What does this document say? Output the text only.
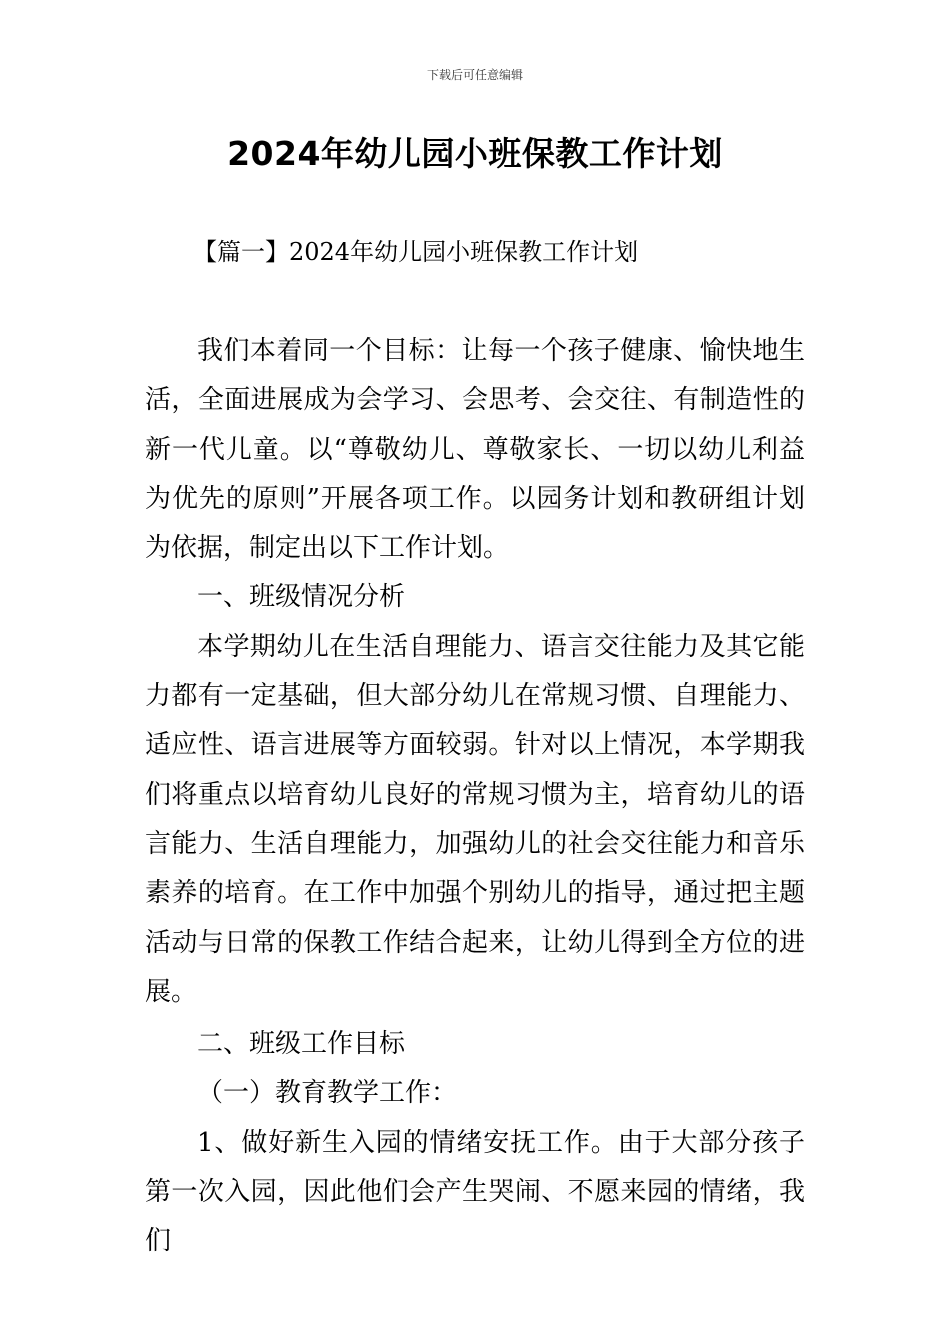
下载后可任意编辑
2024年幼儿园小班保教工作计划
【篇一】2024年幼儿园小班保教工作计划

我们本着同一个目标：让每一个孩子健康、愉快地生活，全面进展成为会学习、会思考、会交往、有制造性的新一代儿童。以“尊敬幼儿、尊敬家长、一切以幼儿利益为优先的原则”开展各项工作。以园务计划和教研组计划为依据，制定出以下工作计划。

一、班级情况分析

本学期幼儿在生活自理能力、语言交往能力及其它能力都有一定基础，但大部分幼儿在常规习惯、自理能力、适应性、语言进展等方面较弱。针对以上情况，本学期我们将重点以培育幼儿良好的常规习惯为主，培育幼儿的语言能力、生活自理能力，加强幼儿的社会交往能力和音乐素养的培育。在工作中加强个别幼儿的指导，通过把主题活动与日常的保教工作结合起来，让幼儿得到全方位的进展。

二、班级工作目标

（一）教育教学工作：

1、做好新生入园的情绪安抚工作。由于大部分孩子第一次入园，因此他们会产生哭闹、不愿来园的情绪，我们
